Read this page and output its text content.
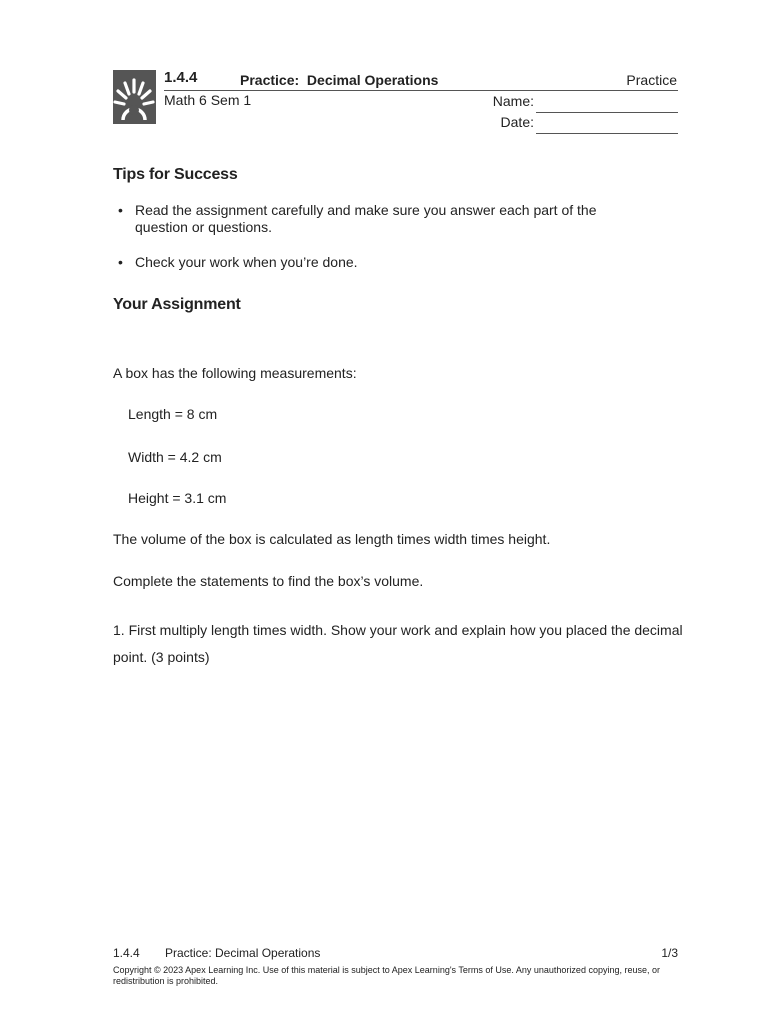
1.4.4	Practice:  Decimal Operations	Practice
Math 6 Sem 1	Name:
Date:
Tips for Success
• Read the assignment carefully and make sure you answer each part of the question or questions.
• Check your work when you’re done.
Your Assignment
A box has the following measurements:
Length = 8 cm
Width = 4.2 cm
Height = 3.1 cm
The volume of the box is calculated as length times width times height.
Complete the statements to find the box’s volume.
1. First multiply length times width. Show your work and explain how you placed the decimal point. (3 points)
1.4.4 Practice: Decimal Operations	1/3
Copyright © 2023 Apex Learning Inc. Use of this material is subject to Apex Learning's Terms of Use. Any unauthorized copying, reuse, or redistribution is prohibited.
